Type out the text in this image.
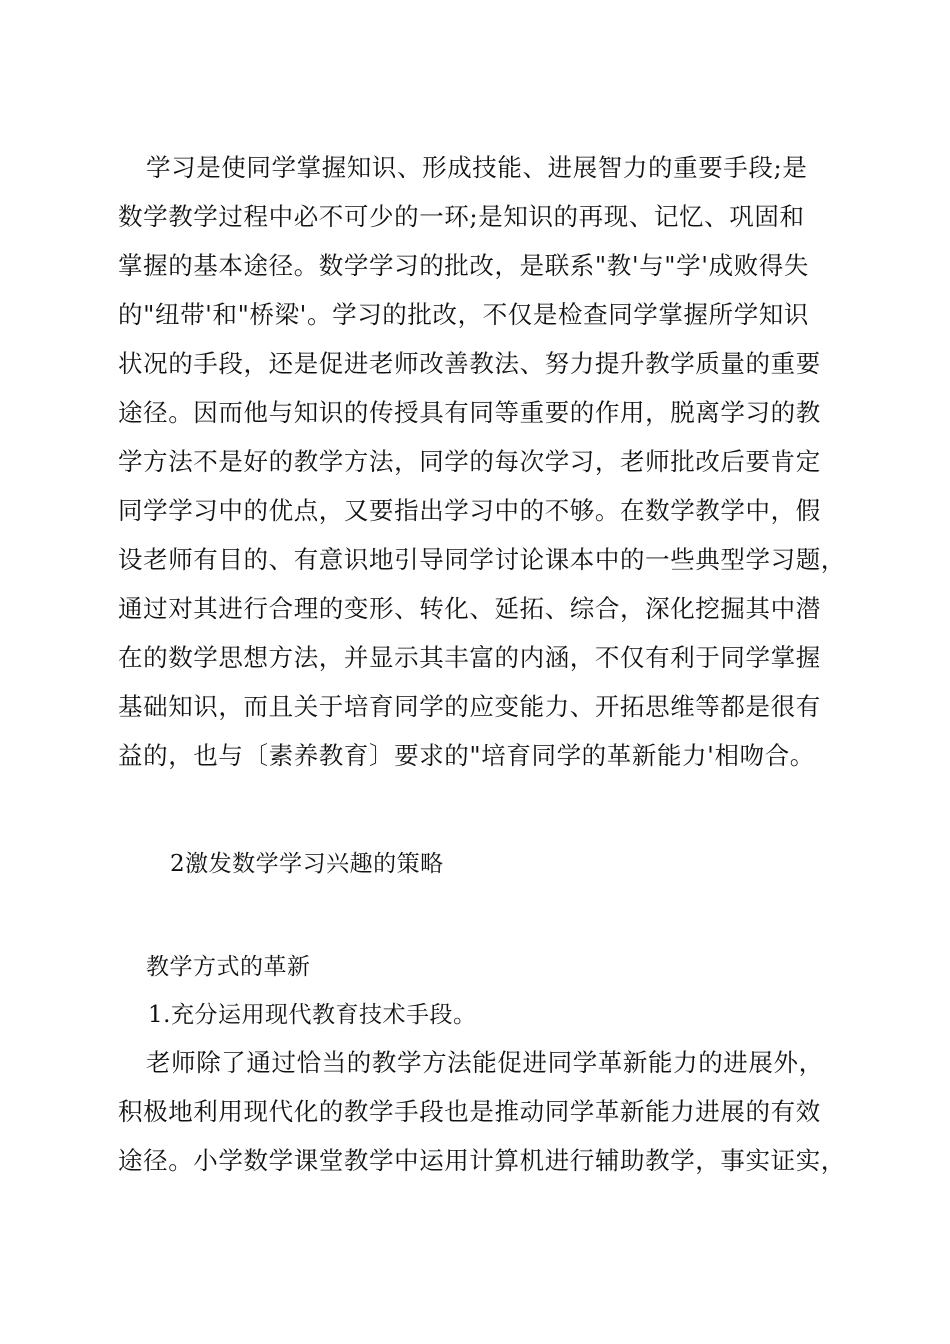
学习是使同学掌握知识、形成技能、进展智力的重要手段;是

数学教学过程中必不可少的一环;是知识的再现、记忆、巩固和

掌握的基本途径。数学学习的批改，是联系"教'与"学'成败得失

的"纽带'和"桥梁'。学习的批改，不仅是检查同学掌握所学知识

状况的手段，还是促进老师改善教法、努力提升教学质量的重要

途径。因而他与知识的传授具有同等重要的作用，脱离学习的教

学方法不是好的教学方法，同学的每次学习，老师批改后要肯定

同学学习中的优点，又要指出学习中的不够。在数学教学中，假

设老师有目的、有意识地引导同学讨论课本中的一些典型学习题，

通过对其进行合理的变形、转化、延拓、综合，深化挖掘其中潜

在的数学思想方法，并显示其丰富的内涵，不仅有利于同学掌握

基础知识，而且关于培育同学的应变能力、开拓思维等都是很有

益的，也与〔素养教育〕要求的"培育同学的革新能力'相吻合。

2激发数学学习兴趣的策略

教学方式的革新

1.充分运用现代教育技术手段。

老师除了通过恰当的教学方法能促进同学革新能力的进展外，

积极地利用现代化的教学手段也是推动同学革新能力进展的有效

途径。小学数学课堂教学中运用计算机进行辅助教学，事实证实，
